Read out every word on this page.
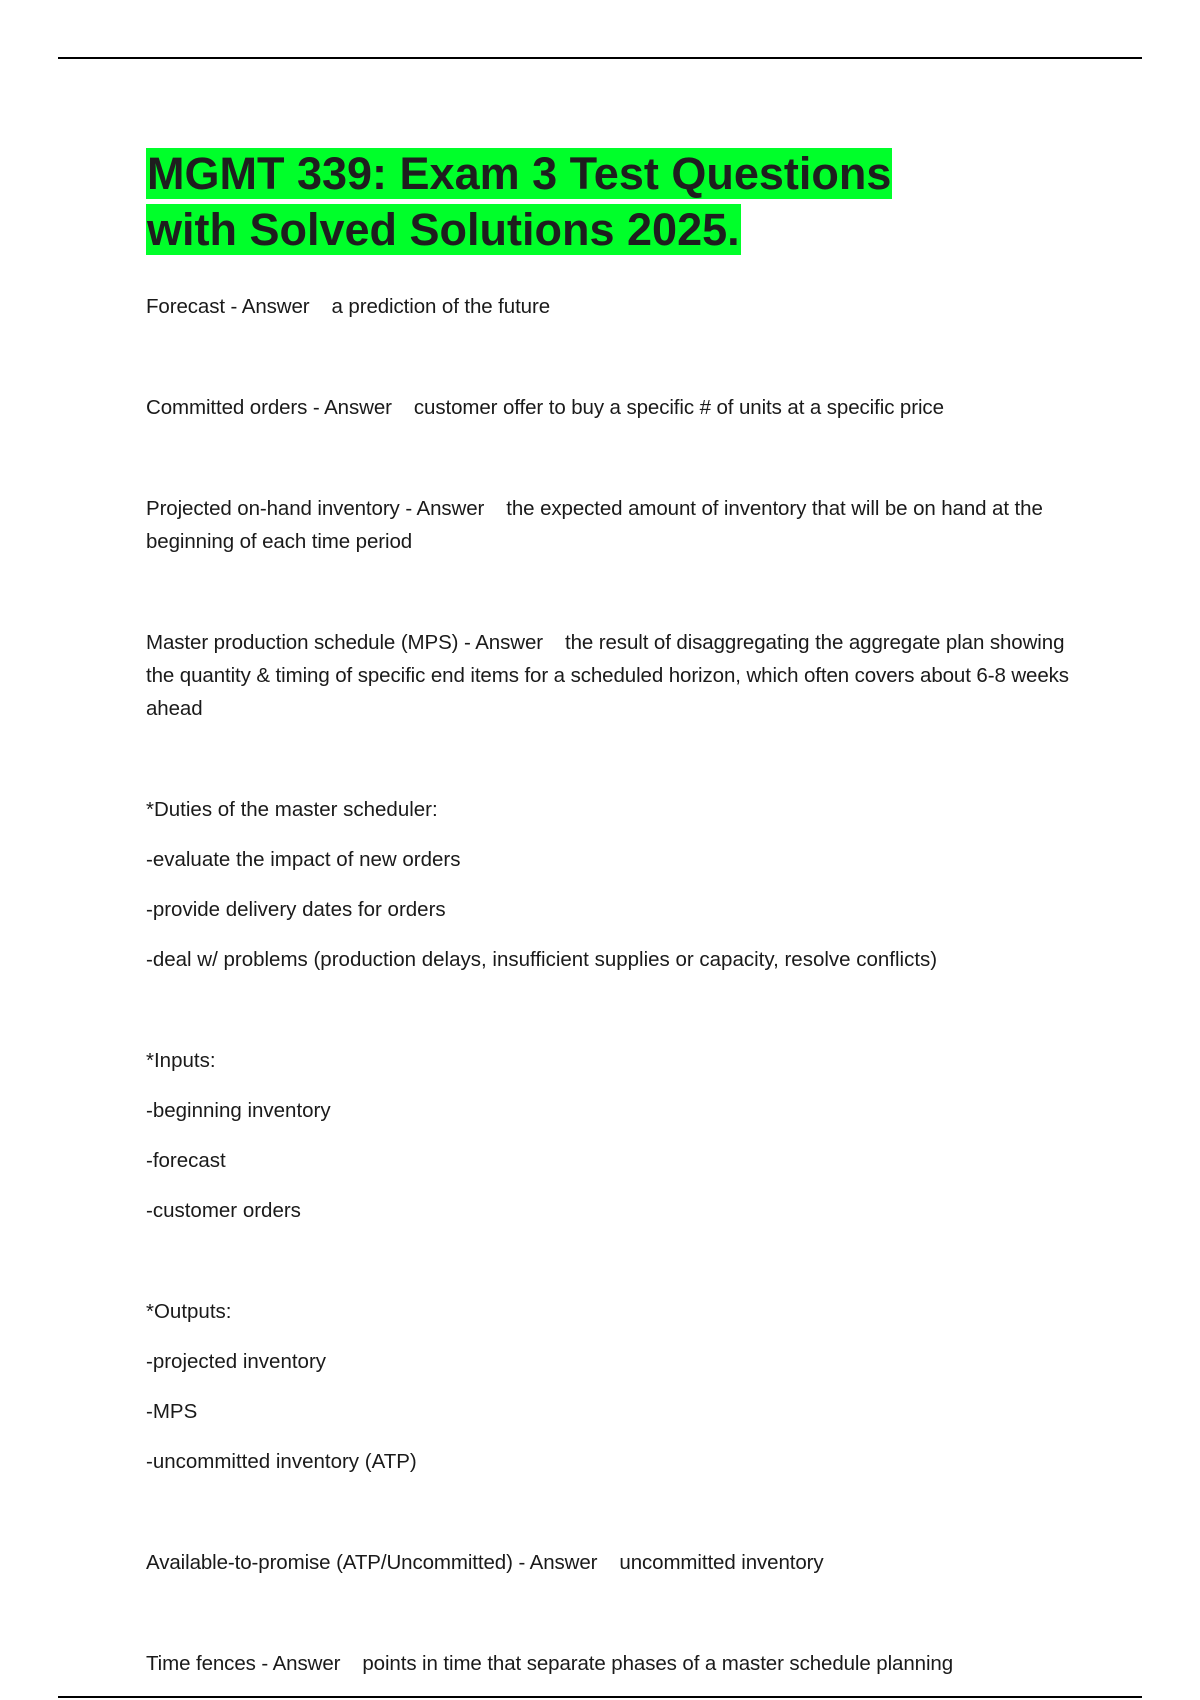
MGMT 339: Exam 3 Test Questions
with Solved Solutions 2025.
Forecast - Answer a prediction of the future
Committed orders - Answer customer offer to buy a specific # of units at a specific price
Projected on-hand inventory - Answer the expected amount of inventory that will be on hand at the beginning of each time period
Master production schedule (MPS) - Answer the result of disaggregating the aggregate plan showing the quantity & timing of specific end items for a scheduled horizon, which often covers about 6-8 weeks ahead
*Duties of the master scheduler:
-evaluate the impact of new orders
-provide delivery dates for orders
-deal w/ problems (production delays, insufficient supplies or capacity, resolve conflicts)
*Inputs:
-beginning inventory
-forecast
-customer orders
*Outputs:
-projected inventory
-MPS
-uncommitted inventory (ATP)
Available-to-promise (ATP/Uncommitted) - Answer uncommitted inventory
Time fences - Answer points in time that separate phases of a master schedule planning
